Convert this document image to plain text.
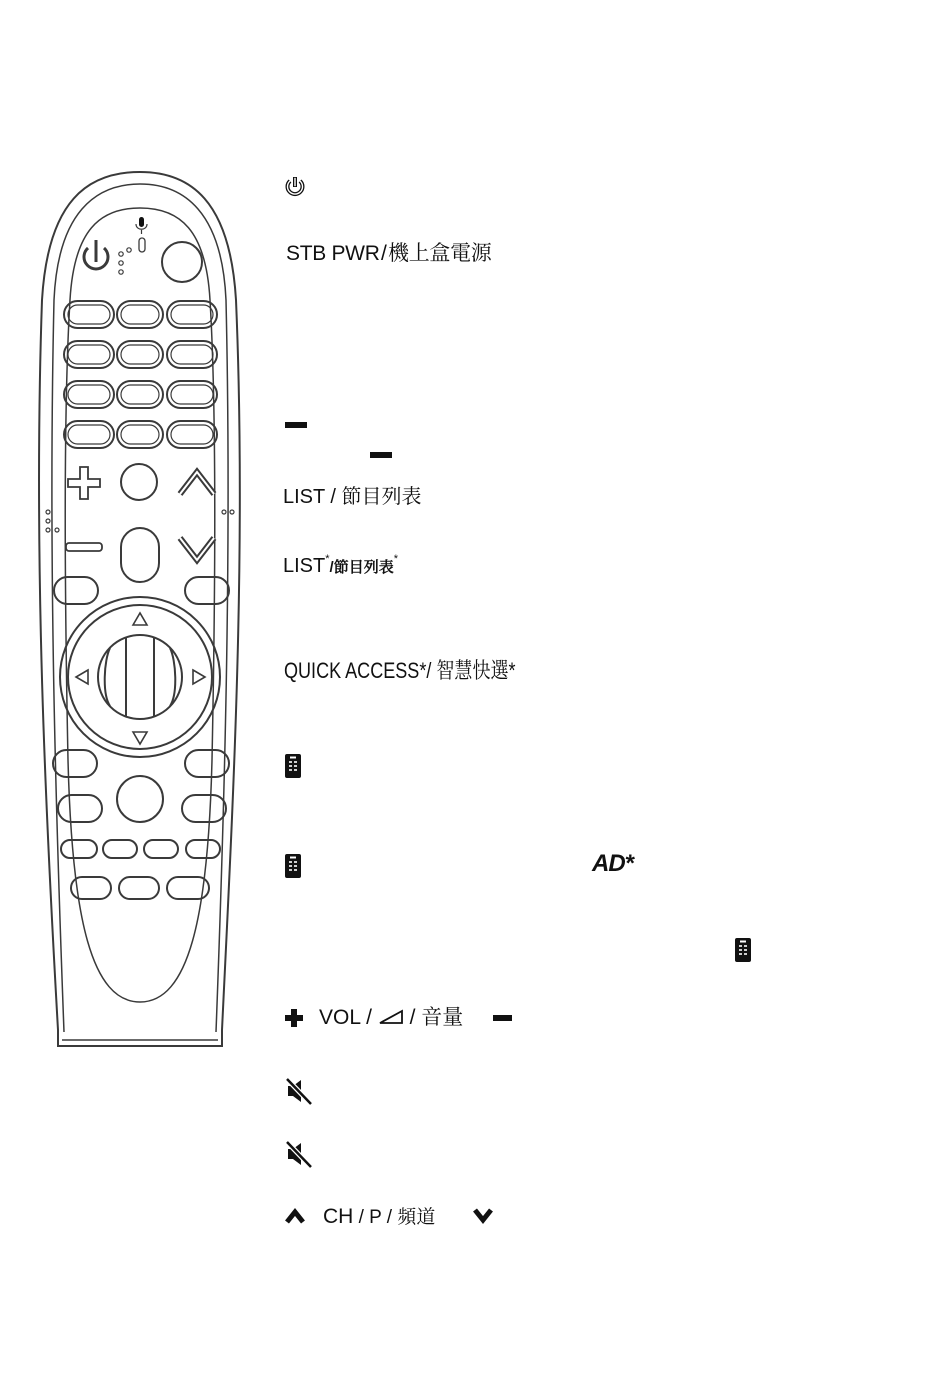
STB PWR / 機上盒電源
LIST / 節目列表
LIST*/節目列表*
QUICK ACCESS*/ 智慧快選*
AD*
VOL /  / 音量
CH / P / 頻道
